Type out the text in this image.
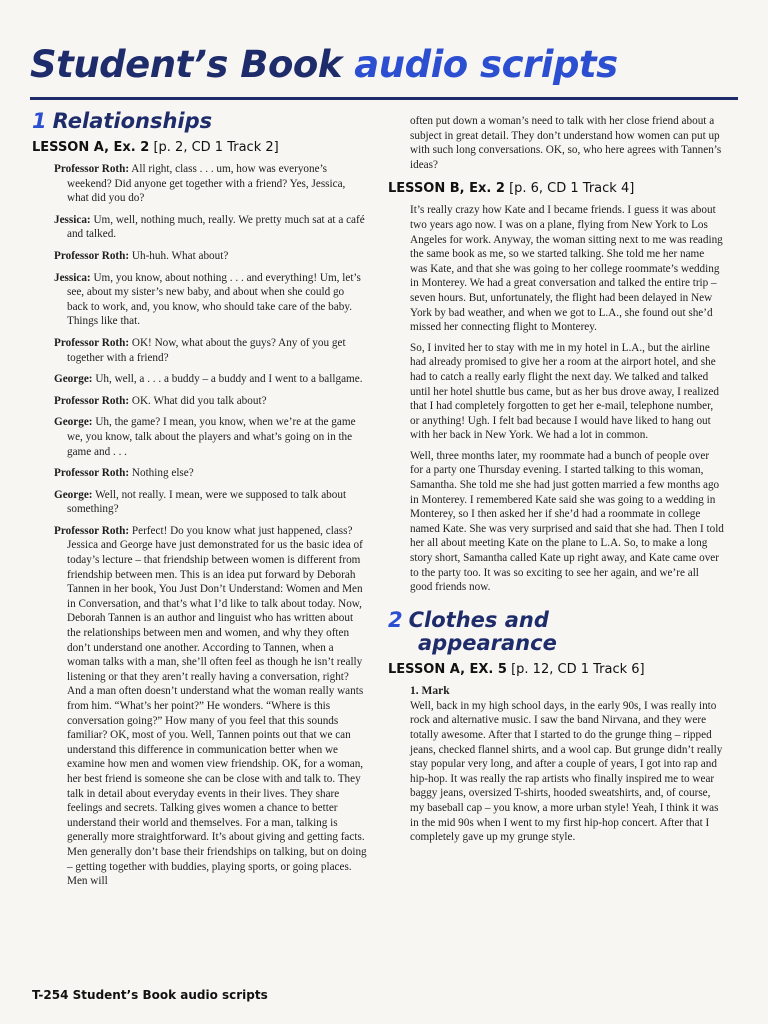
Student’s Book audio scripts
1 Relationships
LESSON A, Ex. 2 [p. 2, CD 1 Track 2]
Professor Roth: All right, class . . . um, how was everyone’s weekend? Did anyone get together with a friend? Yes, Jessica, what did you do?
Jessica: Um, well, nothing much, really. We pretty much sat at a café and talked.
Professor Roth: Uh-huh. What about?
Jessica: Um, you know, about nothing . . . and everything! Um, let’s see, about my sister’s new baby, and about when she could go back to work, and, you know, who should take care of the baby. Things like that.
Professor Roth: OK! Now, what about the guys? Any of you get together with a friend?
George: Uh, well, a . . . a buddy – a buddy and I went to a ballgame.
Professor Roth: OK. What did you talk about?
George: Uh, the game? I mean, you know, when we’re at the game we, you know, talk about the players and what’s going on in the game and . . .
Professor Roth: Nothing else?
George: Well, not really. I mean, were we supposed to talk about something?
Professor Roth: Perfect! Do you know what just happened, class? Jessica and George have just demonstrated for us the basic idea of today’s lecture – that friendship between women is different from friendship between men. This is an idea put forward by Deborah Tannen in her book, You Just Don’t Understand: Women and Men in Conversation, and that’s what I’d like to talk about today. Now, Deborah Tannen is an author and linguist who has written about the relationships between men and women, and why they often don’t understand one another. According to Tannen, when a woman talks with a man, she’ll often feel as though he isn’t really listening or that they aren’t really having a conversation, right? And a man often doesn’t understand what the woman really wants from him. “What’s her point?” He wonders. “Where is this conversation going?” How many of you feel that this sounds familiar? OK, most of you. Well, Tannen points out that we can understand this difference in communication better when we examine how men and women view friendship. OK, for a woman, her best friend is someone she can be close with and talk to. They talk in detail about everyday events in their lives. They share feelings and secrets. Talking gives women a chance to better understand their world and themselves. For a man, talking is generally more straightforward. It’s about giving and getting facts. Men generally don’t base their friendships on talking, but on doing – getting together with buddies, playing sports, or going places. Men will
often put down a woman’s need to talk with her close friend about a subject in great detail. They don’t understand how women can put up with such long conversations. OK, so, who here agrees with Tannen’s ideas?
LESSON B, Ex. 2 [p. 6, CD 1 Track 4]
It’s really crazy how Kate and I became friends. I guess it was about two years ago now. I was on a plane, flying from New York to Los Angeles for work. Anyway, the woman sitting next to me was reading the same book as me, so we started talking. She told me her name was Kate, and that she was going to her college roommate’s wedding in Monterey. We had a great conversation and talked the entire trip – seven hours. But, unfortunately, the flight had been delayed in New York by bad weather, and when we got to L.A., she found out she’d missed her connecting flight to Monterey.
So, I invited her to stay with me in my hotel in L.A., but the airline had already promised to give her a room at the airport hotel, and she had to catch a really early flight the next day. We talked and talked until her hotel shuttle bus came, but as her bus drove away, I realized that I had completely forgotten to get her e-mail, telephone number, or anything! Ugh. I felt bad because I would have liked to hang out with her back in New York. We had a lot in common.
Well, three months later, my roommate had a bunch of people over for a party one Thursday evening. I started talking to this woman, Samantha. She told me she had just gotten married a few months ago in Monterey. I remembered Kate said she was going to a wedding in Monterey, so I then asked her if she’d had a roommate in college named Kate. She was very surprised and said that she had. Then I told her all about meeting Kate on the plane to L.A. So, to make a long story short, Samantha called Kate up right away, and Kate came over to the party too. It was so exciting to see her again, and we’re all good friends now.
2 Clothes and
appearance
LESSON A, EX. 5 [p. 12, CD 1 Track 6]
1. Mark
Well, back in my high school days, in the early 90s, I was really into rock and alternative music. I saw the band Nirvana, and they were totally awesome. After that I started to do the grunge thing – ripped jeans, checked flannel shirts, and a wool cap. But grunge didn’t really stay popular very long, and after a couple of years, I got into rap and hip-hop. It was really the rap artists who finally inspired me to wear baggy jeans, oversized T-shirts, hooded sweatshirts, and, of course, my baseball cap – you know, a more urban style! Yeah, I think it was in the mid 90s when I went to my first hip-hop concert. After that I completely gave up my grunge style.
T-254 Student’s Book audio scripts
